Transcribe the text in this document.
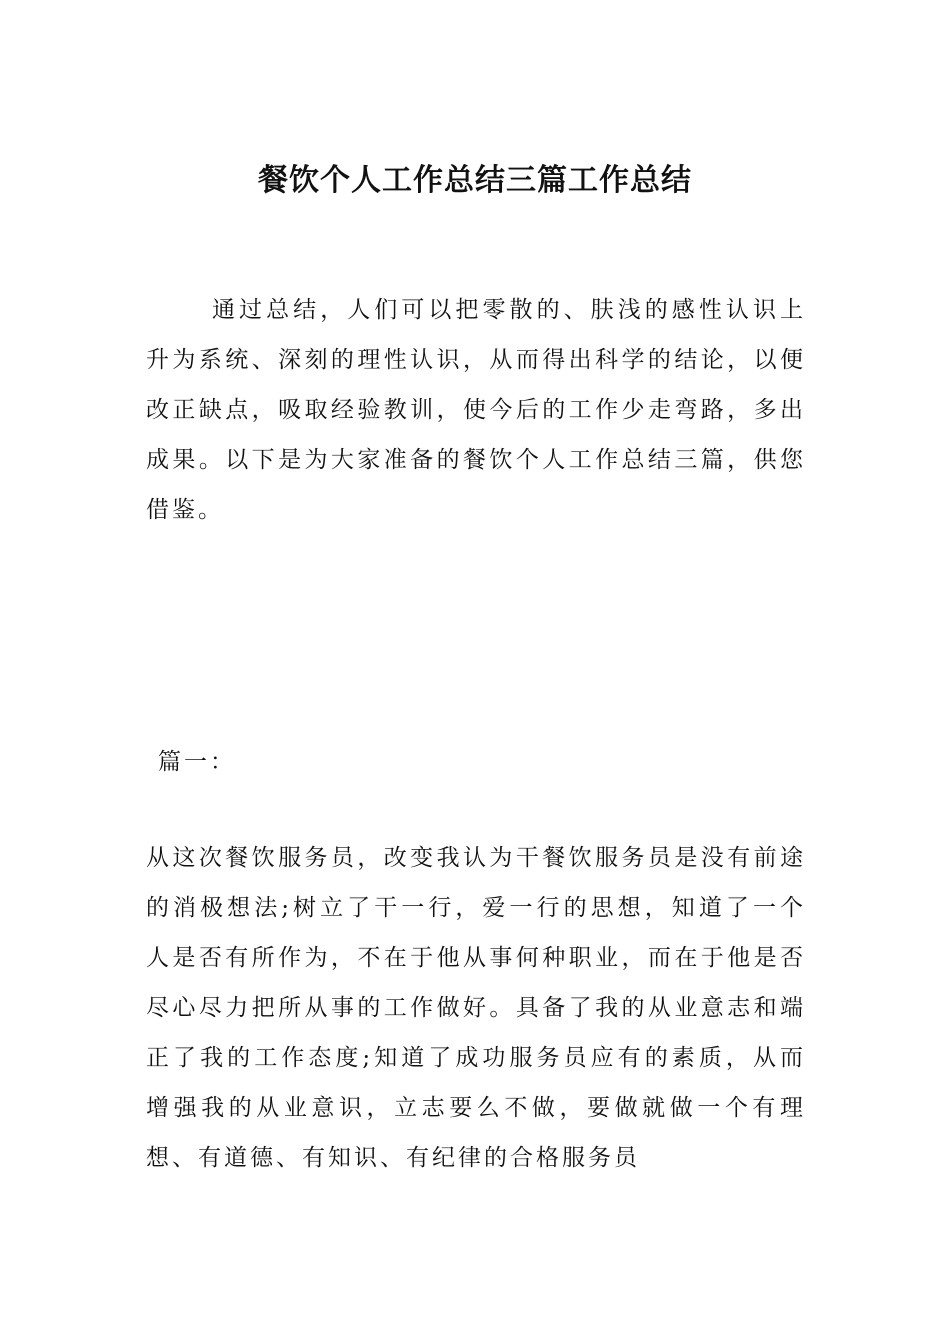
餐饮个人工作总结三篇工作总结

通过总结，人们可以把零散的、肤浅的感性认识上升为系统、深刻的理性认识，从而得出科学的结论，以便改正缺点，吸取经验教训，使今后的工作少走弯路，多出成果。以下是为大家准备的餐饮个人工作总结三篇，供您借鉴。

篇一：

从这次餐饮服务员，改变我认为干餐饮服务员是没有前途的消极想法;树立了干一行，爱一行的思想，知道了一个人是否有所作为，不在于他从事何种职业，而在于他是否尽心尽力把所从事的工作做好。具备了我的从业意志和端正了我的工作态度;知道了成功服务员应有的素质，从而增强我的从业意识，立志要么不做，要做就做一个有理想、有道德、有知识、有纪律的合格服务员
